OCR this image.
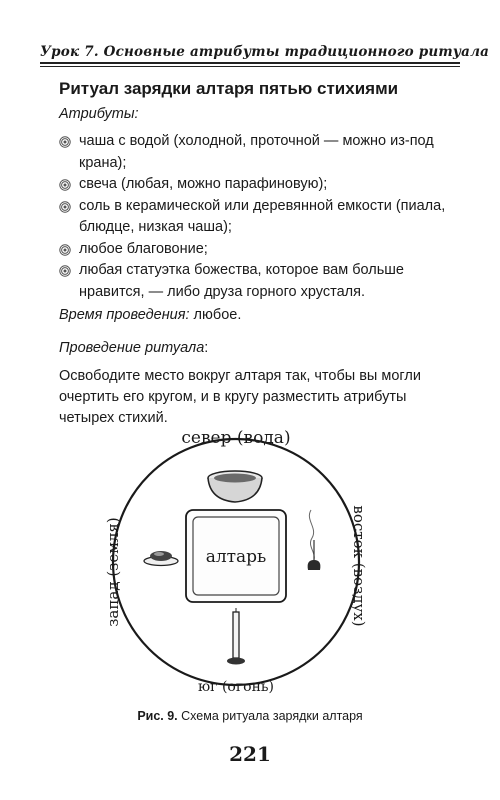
Урок 7. Основные атрибуты традиционного ритуала
Ритуал зарядки алтаря пятью стихиями
Атрибуты:
чаша с водой (холодной, проточной — можно из-под крана);
свеча (любая, можно парафиновую);
соль в керамической или деревянной емкости (пиала, блюдце, низкая чаша);
любое благовоние;
любая статуэтка божества, которое вам больше нравится, — либо друза горного хрусталя.
Время проведения: любое.
Проведение ритуала:
Освободите место вокруг алтаря так, чтобы вы могли очертить его кругом, и в кругу разместить атрибуты четырех стихий.
север (вода)
юг (огонь)
запад (земля)	восток (воздух)
алтарь
Рис. 9. Схема ритуала зарядки алтаря
221
